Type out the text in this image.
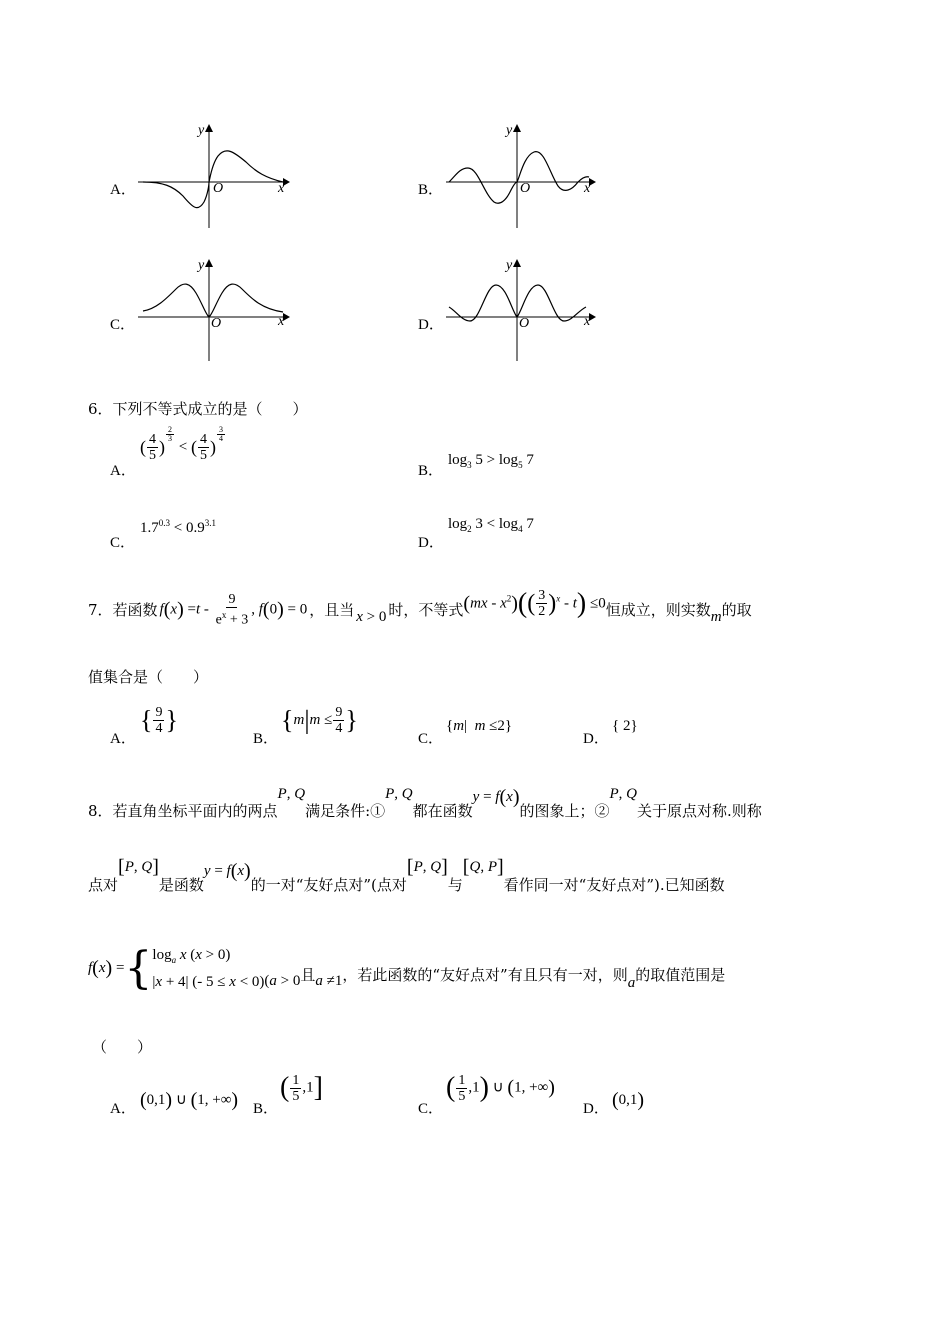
A．	B．
C．	D．
O
y
x	O
y
x
O
y
x	O
y
x
6．下列不等式成立的是（　　）
A．
( $\frac{4}{5}$ )
$^{\frac{2}{3}}$
< ( $\frac{4}{5}$ )
$^{\frac{3}{4}}$
B．
$\log_3 5 > \log_5 7$
C．
$1.7^{0.3} < 0.9^{3.1}$
D．
$\log_2 3 < \log_4 7$
7．若函数 $f(x) =t - \frac{9}{e^x + 3}$ , f(0) = 0 ，且当 x > 0 时，不等式 $(mx - x^2)(( \frac{3}{2} )^x - t) \le 0$ 恒成立，则实数 m 的取
值集合是（　　）
A．
{ $\frac{9}{4}$ }
B．
{$m|m \le \frac{9}{4}$ }
C．
{m|  m ≤2}
D．
{ 2}
8．若直角坐标平面内的两点
P, Q
满足条件:①
P, Q
都在函数
y = f(x)
的图象上；②
P, Q
关于原点对称.则称
点对
[P, Q]
是函数
y = f(x)
的一对“友好点对”(点对
[P, Q]
与
[Q, P]
看作同一对“友好点对”).已知函数
f(x) = { $\log_a x$ (x > 0)
|x + 4| (- 5 ≤ x < 0) (a > 0 且 a ≠1 ，若此函数的“友好点对”有且只有一对，则 a 的取值范围是
（　　）
A． (0,1) ∪ (1, +∞) B．
( $\frac{1}{5} ,1$]
C．
( $\frac{1}{5} ,1$) ∪ (1, +∞)
D． (0,1)
